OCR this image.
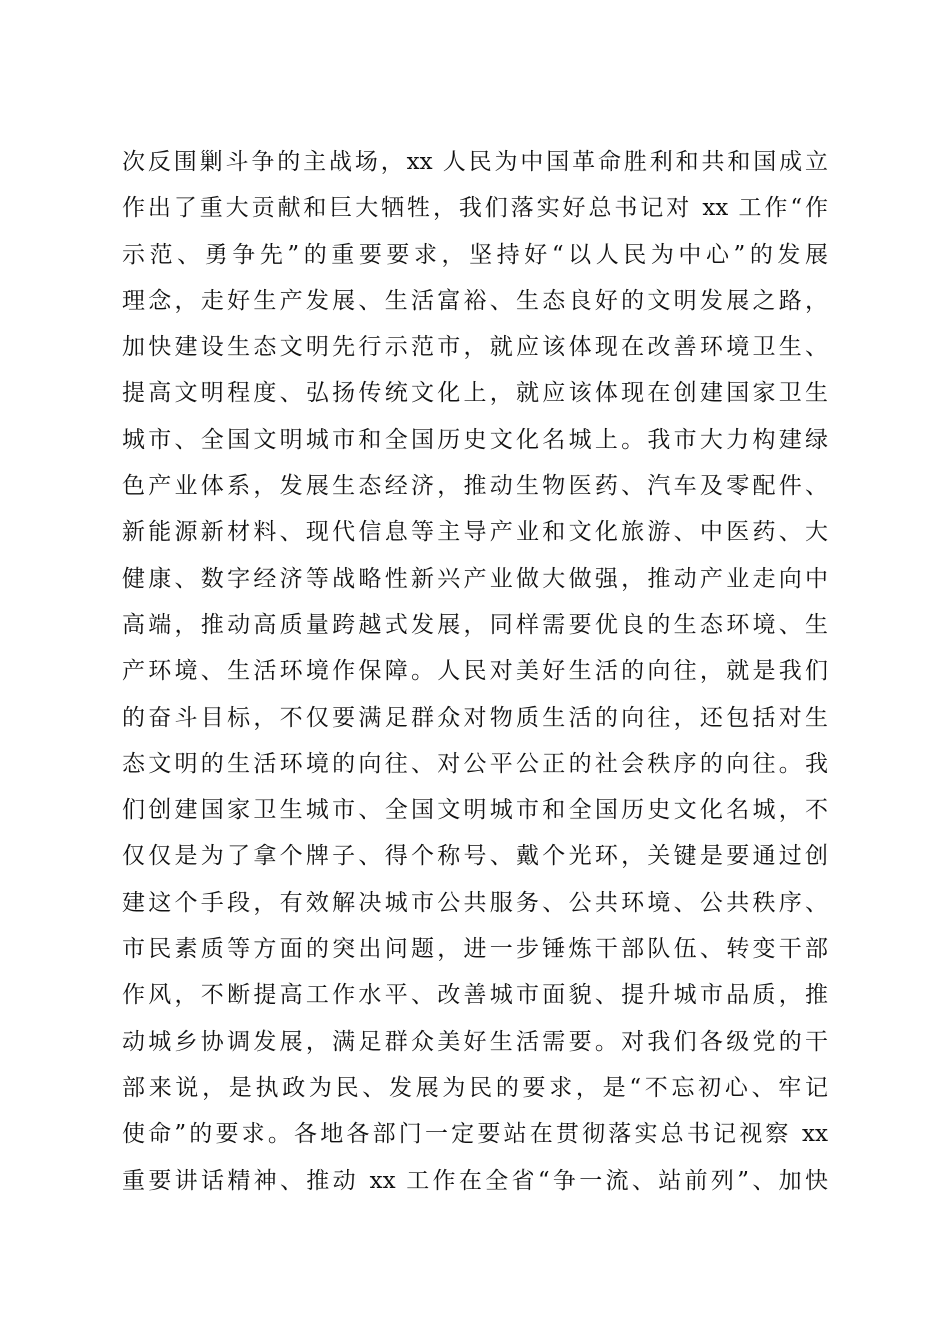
次反围剿斗争的主战场，xx 人民为中国革命胜利和共和国成立
作出了重大贡献和巨大牺牲，我们落实好总书记对 xx 工作“作
示范、勇争先”的重要要求，坚持好“以人民为中心”的发展
理念，走好生产发展、生活富裕、生态良好的文明发展之路，
加快建设生态文明先行示范市，就应该体现在改善环境卫生、
提高文明程度、弘扬传统文化上，就应该体现在创建国家卫生
城市、全国文明城市和全国历史文化名城上。我市大力构建绿
色产业体系，发展生态经济，推动生物医药、汽车及零配件、
新能源新材料、现代信息等主导产业和文化旅游、中医药、大
健康、数字经济等战略性新兴产业做大做强，推动产业走向中
高端，推动高质量跨越式发展，同样需要优良的生态环境、生
产环境、生活环境作保障。人民对美好生活的向往，就是我们
的奋斗目标，不仅要满足群众对物质生活的向往，还包括对生
态文明的生活环境的向往、对公平公正的社会秩序的向往。我
们创建国家卫生城市、全国文明城市和全国历史文化名城，不
仅仅是为了拿个牌子、得个称号、戴个光环，关键是要通过创
建这个手段，有效解决城市公共服务、公共环境、公共秩序、
市民素质等方面的突出问题，进一步锤炼干部队伍、转变干部
作风，不断提高工作水平、改善城市面貌、提升城市品质，推
动城乡协调发展，满足群众美好生活需要。对我们各级党的干
部来说，是执政为民、发展为民的要求，是“不忘初心、牢记
使命”的要求。各地各部门一定要站在贯彻落实总书记视察 xx
重要讲话精神、推动 xx 工作在全省“争一流、站前列”、加快
